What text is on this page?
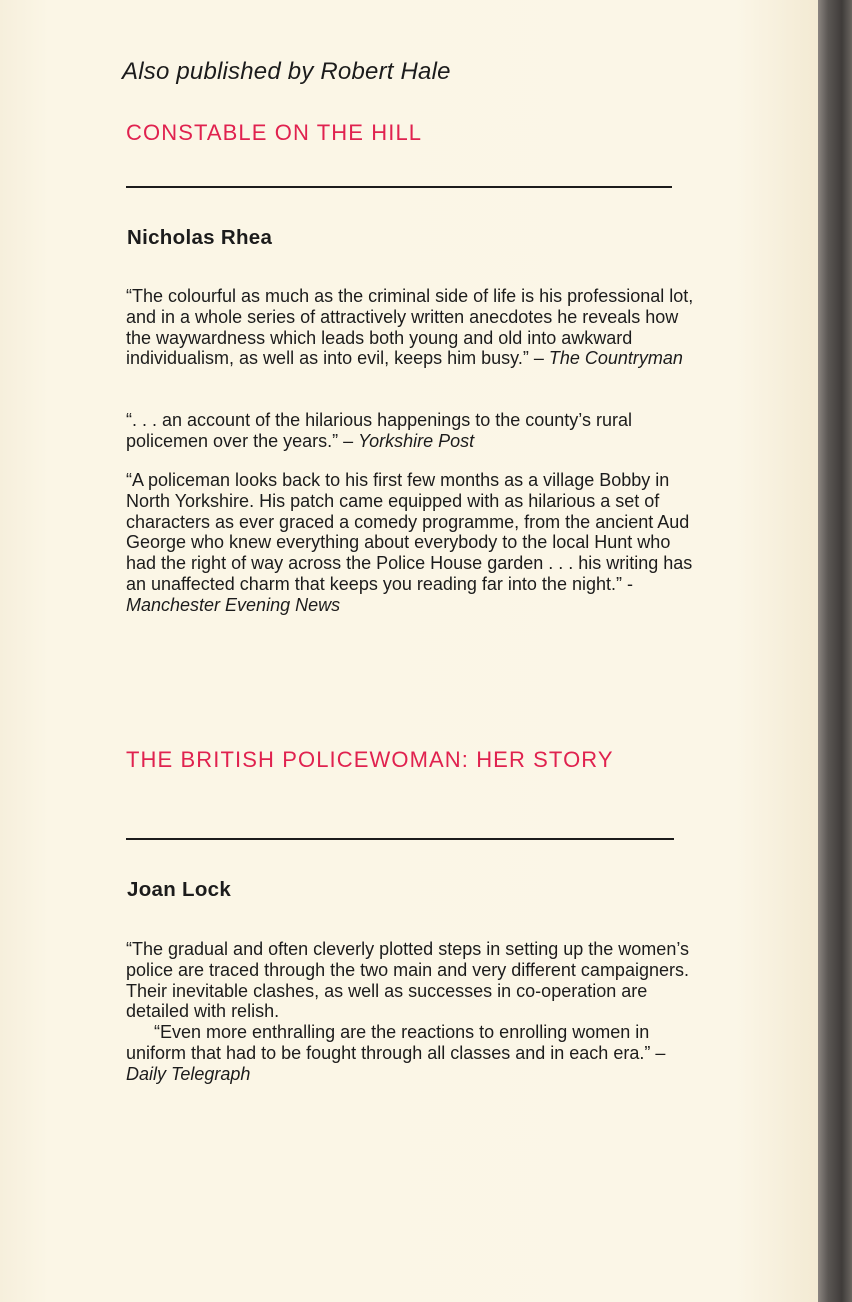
Also published by Robert Hale
CONSTABLE ON THE HILL
Nicholas Rhea

“The colourful as much as the criminal side of life is his professional lot, and in a whole series of attractively written anecdotes he reveals how the waywardness which leads both young and old into awkward individualism, as well as into evil, keeps him busy.” – The Countryman

“. . . an account of the hilarious happenings to the county’s rural policemen over the years.” – Yorkshire Post

“A policeman looks back to his first few months as a village Bobby in North Yorkshire. His patch came equipped with as hilarious a set of characters as ever graced a comedy programme, from the ancient Aud George who knew everything about everybody to the local Hunt who had the right of way across the Police House garden . . . his writing has an unaffected charm that keeps you reading far into the night.” - Manchester Evening News

THE BRITISH POLICEWOMAN: HER STORY
Joan Lock

“The gradual and often cleverly plotted steps in setting up the women’s police are traced through the two main and very different campaigners. Their inevitable clashes, as well as successes in co-operation are detailed with relish.

“Even more enthralling are the reactions to enrolling women in uniform that had to be fought through all classes and in each era.” – Daily Telegraph
